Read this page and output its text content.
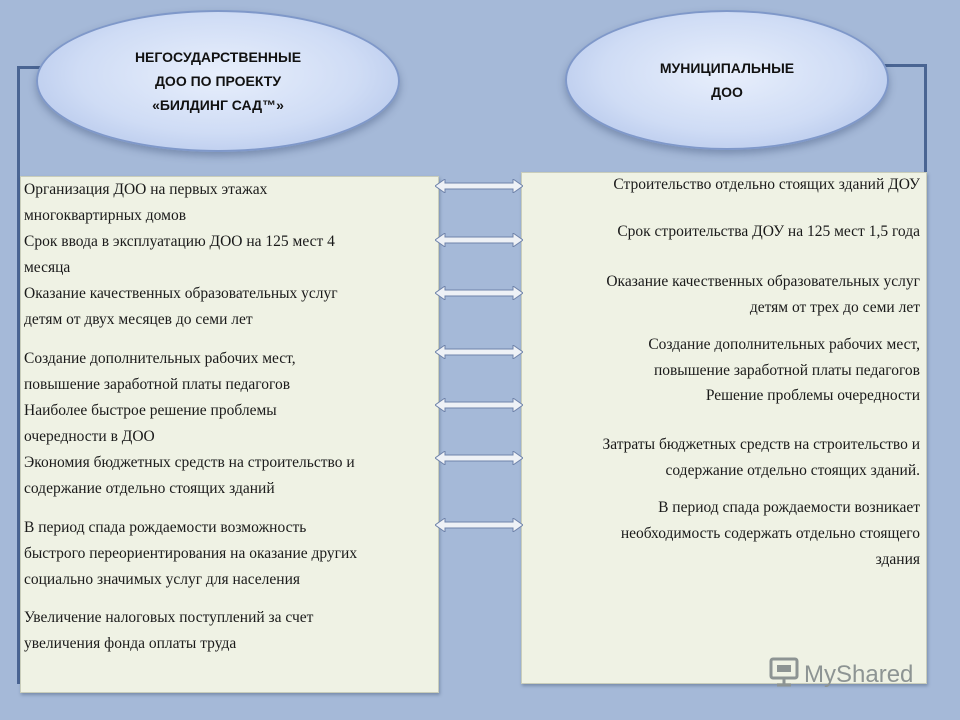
НЕГОСУДАРСТВЕННЫЕ
ДОО ПО ПРОЕКТУ
«БИЛДИНГ САД™»
МУНИЦИПАЛЬНЫЕ
ДОО
Организация ДОО на первых этажах
многоквартирных домов
Срок ввода в эксплуатацию ДОО на 125 мест 4
месяца
Оказание качественных образовательных услуг
детям от двух месяцев до семи лет
Создание дополнительных рабочих мест,
повышение заработной платы педагогов
Наиболее быстрое решение проблемы
очередности в ДОО
Экономия бюджетных средств на строительство и
содержание отдельно стоящих зданий
В период спада рождаемости возможность
быстрого переориентирования на оказание других
социально значимых услуг для населения
Увеличение налоговых поступлений за счет
увеличения фонда оплаты труда
Строительство отдельно стоящих зданий ДОУ
Срок строительства ДОУ на 125 мест 1,5 года
Оказание качественных образовательных услуг
детям от трех до семи лет
Создание дополнительных рабочих мест,
повышение заработной платы педагогов
Решение проблемы очередности
Затраты бюджетных средств на строительство и
содержание отдельно стоящих зданий.
В период спада рождаемости возникает
необходимость содержать отдельно стоящего
здания
MyShared
